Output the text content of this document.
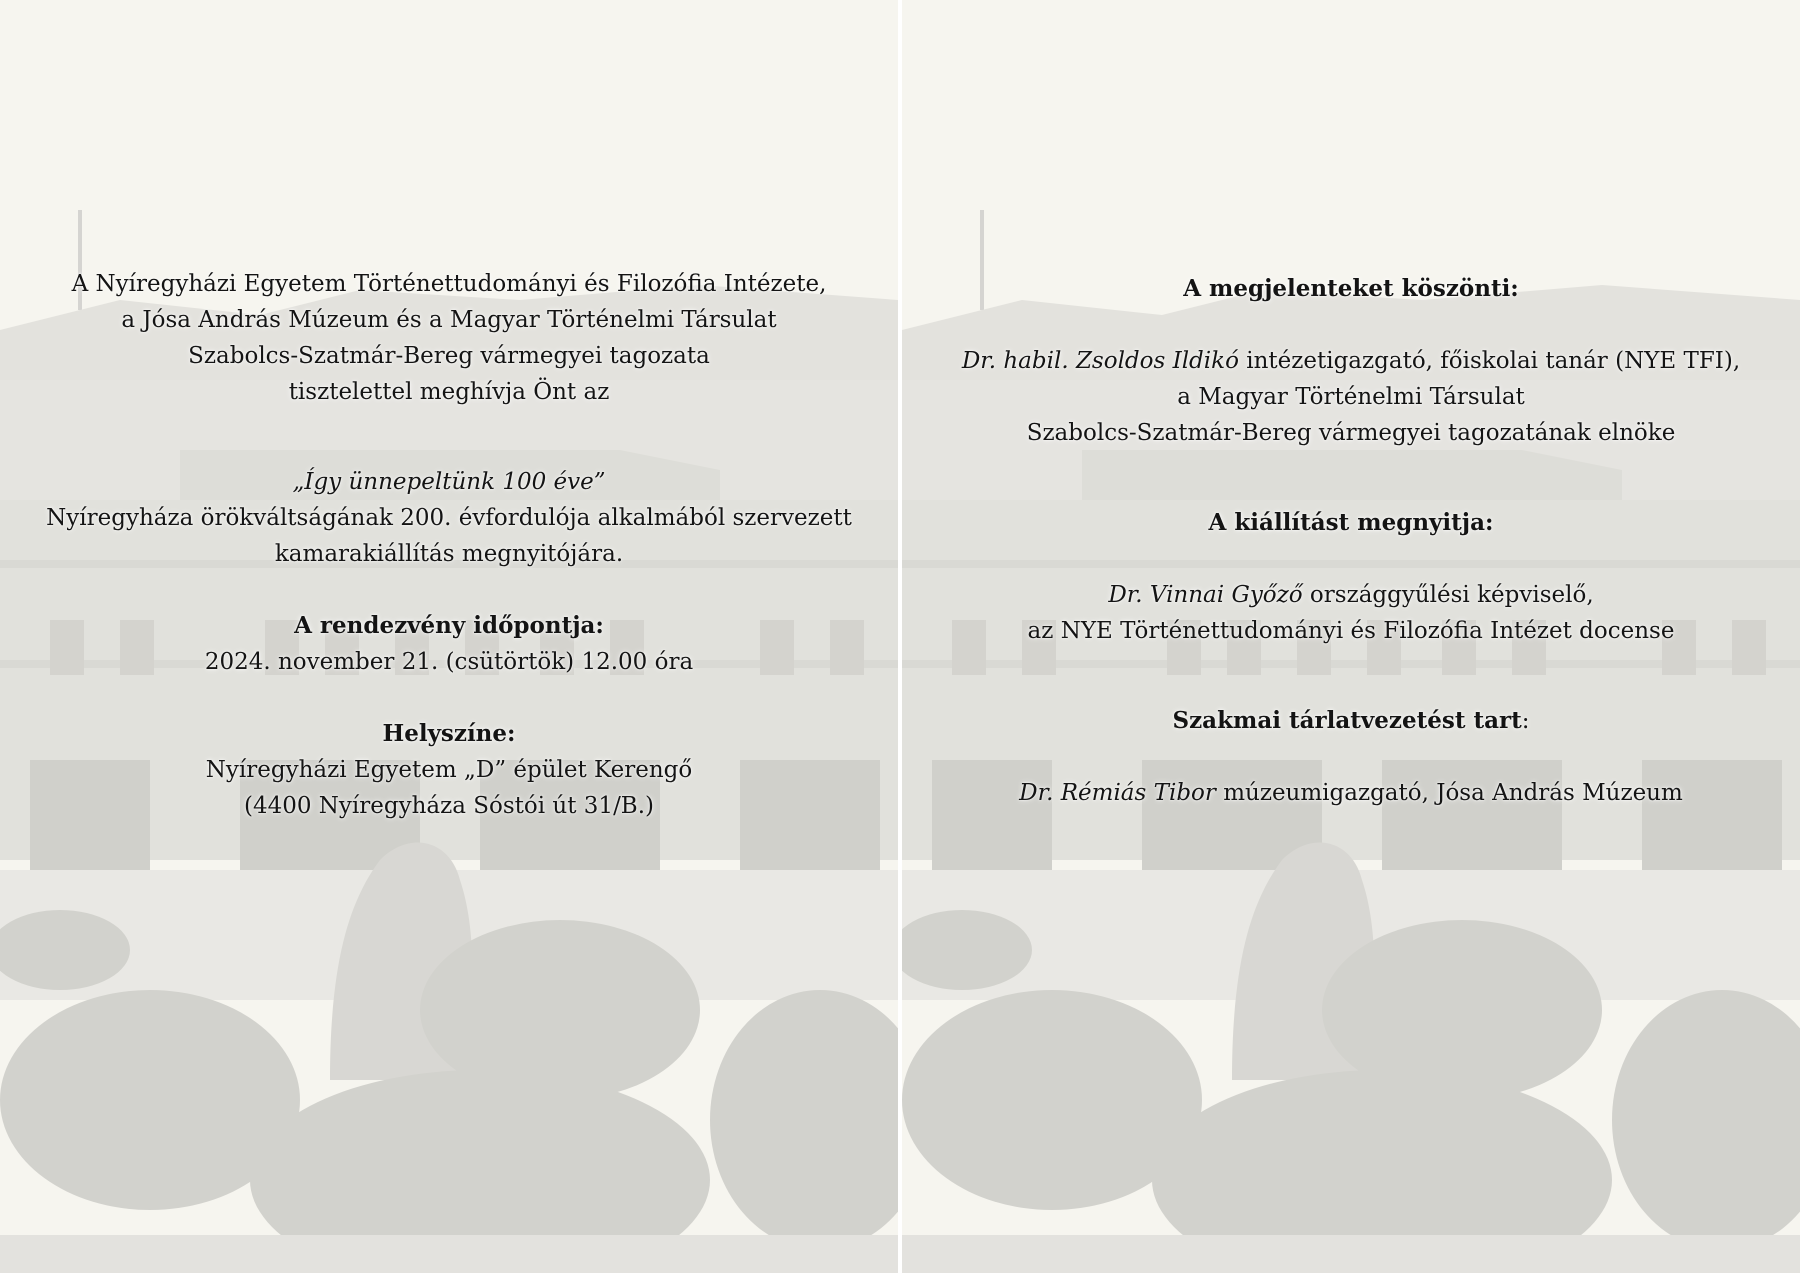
A Nyíregyházi Egyetem Történettudományi és Filozófia Intézete,

a Jósa András Múzeum és a Magyar Történelmi Társulat

Szabolcs-Szatmár-Bereg vármegyei tagozata

tisztelettel meghívja Önt az

„Így ünnepeltünk 100 éve”

Nyíregyháza örökváltságának 200. évfordulója alkalmából szervezett

kamarakiállítás megnyitójára.

A rendezvény időpontja:

2024. november 21. (csütörtök) 12.00 óra

Helyszíne:

Nyíregyházi Egyetem „D” épület Kerengő

(4400 Nyíregyháza Sóstói út 31/B.)

A megjelenteket köszönti:

Dr. habil. Zsoldos Ildikó intézetigazgató, főiskolai tanár (NYE TFI),

a Magyar Történelmi Társulat

Szabolcs-Szatmár-Bereg vármegyei tagozatának elnöke

A kiállítást megnyitja:

Dr. Vinnai Győző országgyűlési képviselő,

az NYE Történettudományi és Filozófia Intézet docense

Szakmai tárlatvezetést tart:

Dr. Rémiás Tibor múzeumigazgató, Jósa András Múzeum
